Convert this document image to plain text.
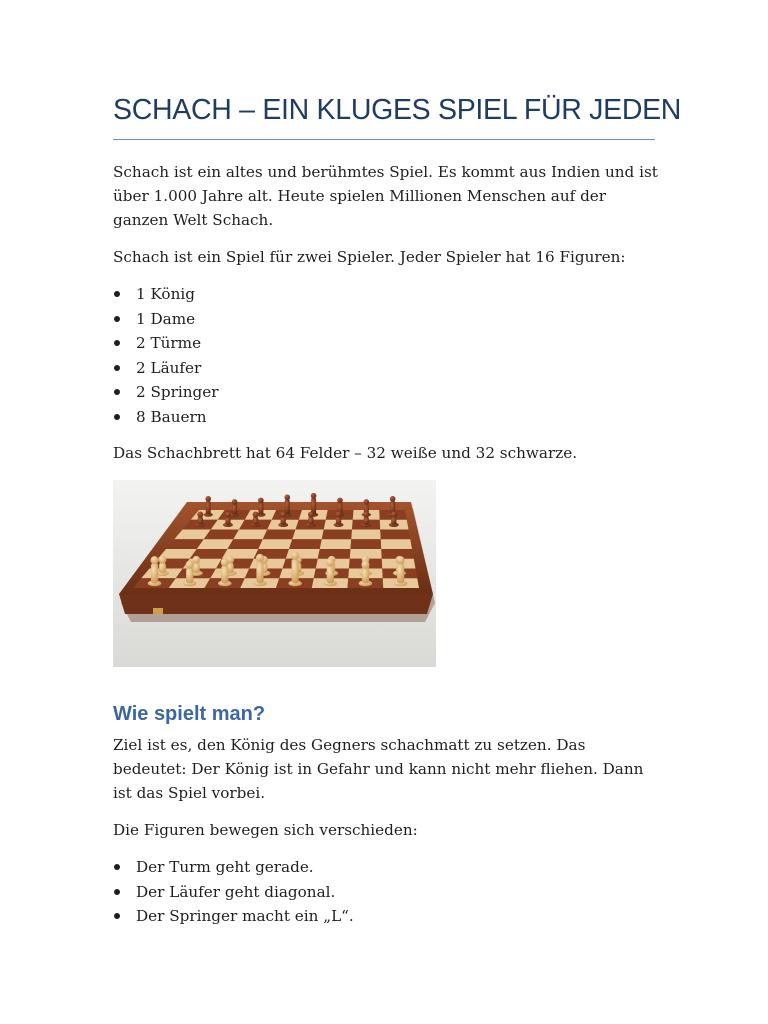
SCHACH – EIN KLUGES SPIEL FÜR JEDEN

Schach ist ein altes und berühmtes Spiel. Es kommt aus Indien und ist über 1.000 Jahre alt. Heute spielen Millionen Menschen auf der ganzen Welt Schach.

Schach ist ein Spiel für zwei Spieler. Jeder Spieler hat 16 Figuren:

1 König
1 Dame
2 Türme
2 Läufer
2 Springer
8 Bauern

Das Schachbrett hat 64 Felder – 32 weiße und 32 schwarze.

Wie spielt man?

Ziel ist es, den König des Gegners schachmatt zu setzen. Das bedeutet: Der König ist in Gefahr und kann nicht mehr fliehen. Dann ist das Spiel vorbei.

Die Figuren bewegen sich verschieden:

Der Turm geht gerade.
Der Läufer geht diagonal.
Der Springer macht ein „L“.
